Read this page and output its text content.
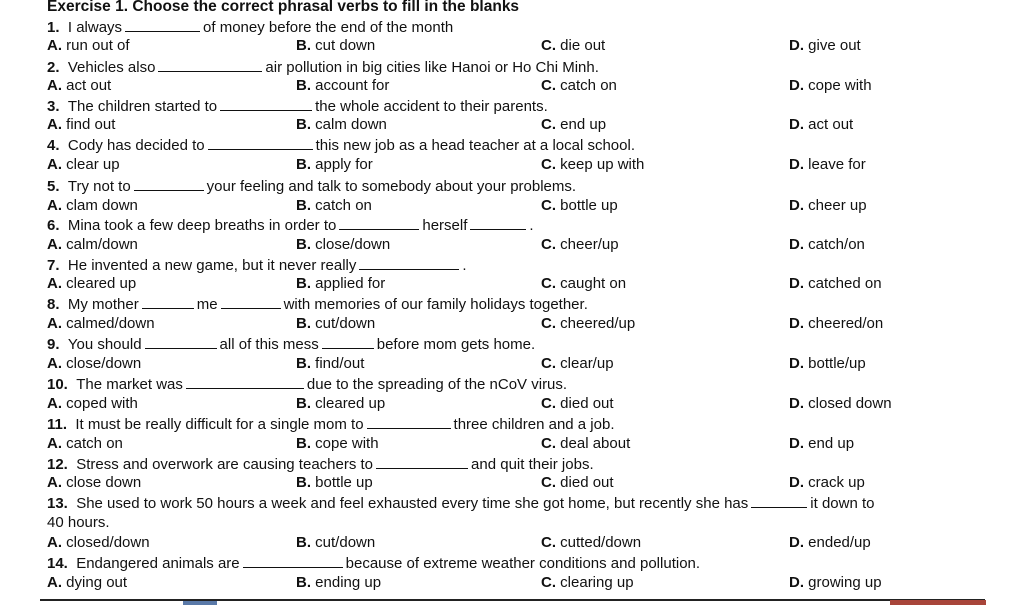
Exercise 1. Choose the correct phrasal verbs to fill in the blanks
1. I always	of money before the end of the month
A. run out of	B. cut down	C. die out	D. give out
2. Vehicles also	air pollution in big cities like Hanoi or Ho Chi Minh.
A. act out	B. account for	C. catch on	D. cope with
3. The children started to	the whole accident to their parents.
A. find out	B. calm down	C. end up	D. act out
4. Cody has decided to	this new job as a head teacher at a local school.
A. clear up	B. apply for	C. keep up with	D. leave for
5. Try not to	your feeling and talk to somebody about your problems.
A. clam down	B. catch on	C. bottle up	D. cheer up
6. Mina took a few deep breaths in order to	herself	.
A. calm/down	B. close/down	C. cheer/up	D. catch/on
7. He invented a new game, but it never really	.
A. cleared up	B. applied for	C. caught on	D. catched on
8. My mother	me	with memories of our family holidays together.
A. calmed/down	B. cut/down	C. cheered/up	D. cheered/on
9. You should	all of this mess	before mom gets home.
A. close/down	B. find/out	C. clear/up	D. bottle/up
10. The market was	due to the spreading of the nCoV virus.
A. coped with	B. cleared up	C. died out	D. closed down
11. It must be really difficult for a single mom to	three children and a job.
A. catch on	B. cope with	C. deal about	D. end up
12. Stress and overwork are causing teachers to	and quit their jobs.
A. close down	B. bottle up	C. died out	D. crack up
13. She used to work 50 hours a week and feel exhausted every time she got home, but recently she has	it down to
40 hours.
A. closed/down	B. cut/down	C. cutted/down	D. ended/up
14. Endangered animals are	because of extreme weather conditions and pollution.
A. dying out	B. ending up	C. clearing up	D. growing up
